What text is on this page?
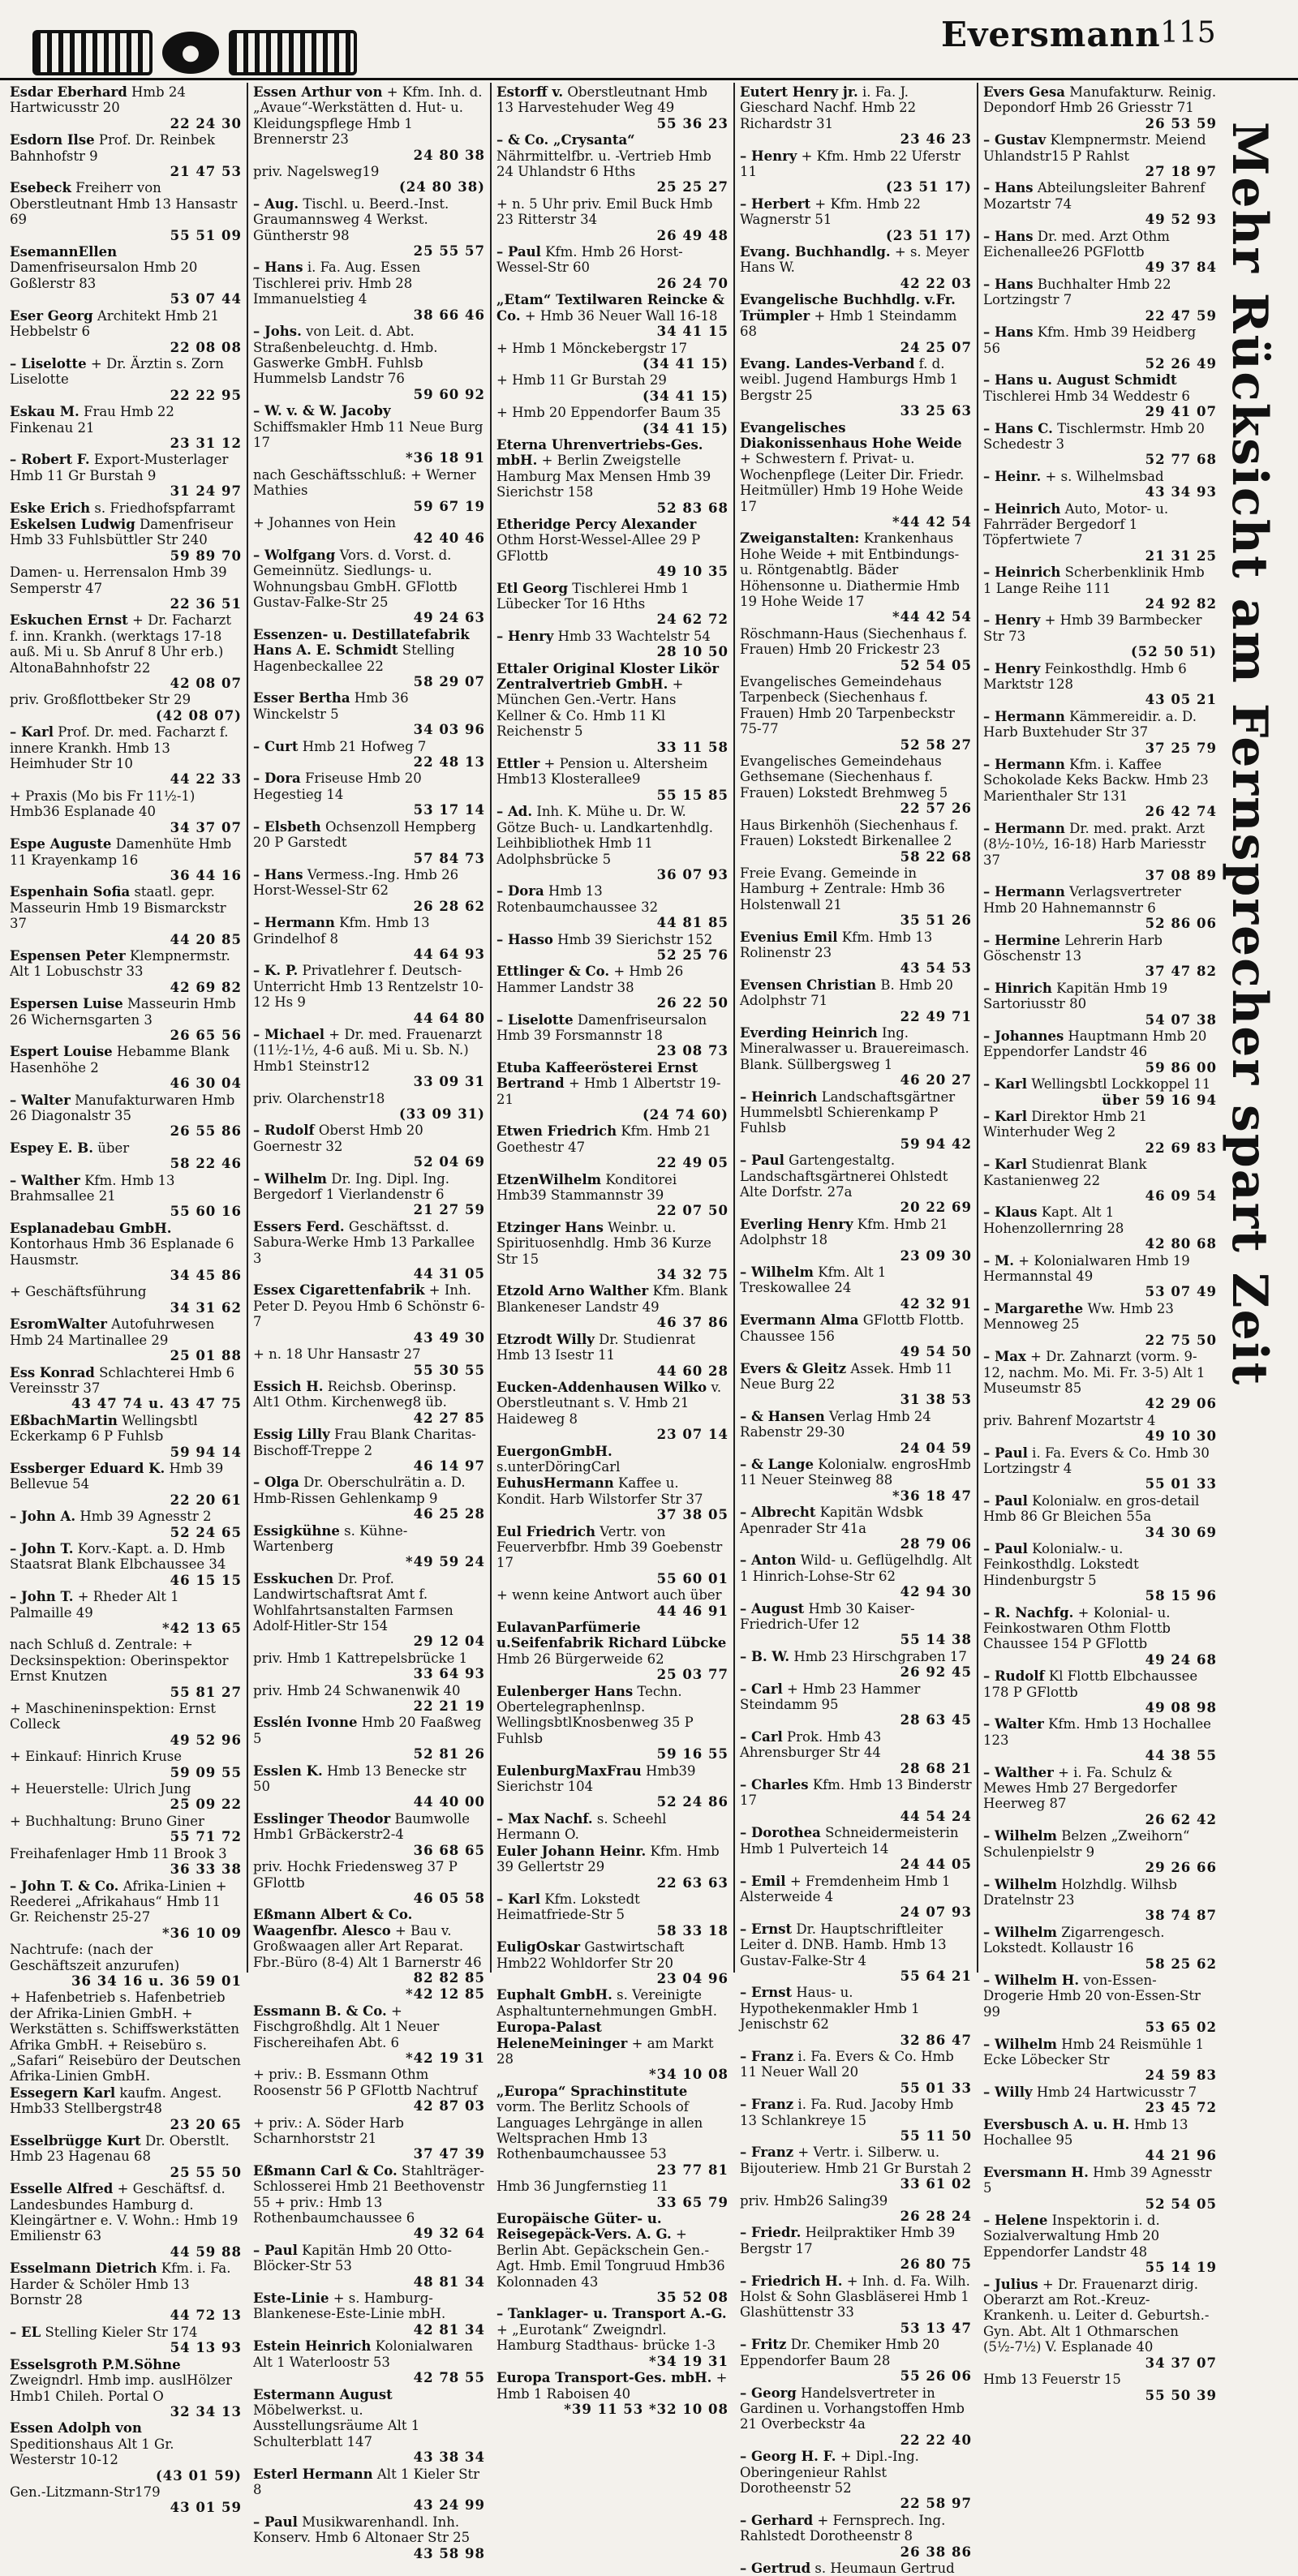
●	Eversmann 115
Esdar Eberhard Hmb 24 Hartwicusstr 20
22 24 30
Esdorn Ilse Prof. Dr. Reinbek Bahnhofstr 9
21 47 53
Esebeck Freiherr von Oberstleutnant Hmb 13 Hansastr 69
55 51 09
EsemannEllen Damenfriseursalon Hmb 20 Goßlerstr 83
53 07 44
Eser Georg Architekt Hmb 21 Hebbelstr 6
22 08 08
– Liselotte + Dr. Ärztin s. Zorn Liselotte
22 22 95
Eskau M. Frau Hmb 22 Finkenau 21
23 31 12
– Robert F. Export-Musterlager Hmb 11 Gr Burstah 9
31 24 97
Eske Erich s. Friedhofspfarramt
Eskelsen Ludwig Damenfriseur Hmb 33 Fuhlsbüttler Str 240
59 89 70
Damen- u. Herrensalon Hmb 39 Semperstr 47
22 36 51
Eskuchen Ernst + Dr. Facharzt f. inn. Krankh. (werktags 17-18 auß. Mi u. Sb Anruf 8 Uhr erb.) AltonaBahnhofstr 22
42 08 07
priv. Großflottbeker Str 29
(42 08 07)
– Karl Prof. Dr. med. Facharzt f. innere Krankh. Hmb 13 Heimhuder Str 10
44 22 33
+ Praxis (Mo bis Fr 11½-1) Hmb36 Esplanade 40
34 37 07
Espe Auguste Damenhüte Hmb 11 Krayenkamp 16
36 44 16
Espenhain Sofia staatl. gepr. Masseurin Hmb 19 Bismarckstr 37
44 20 85
Espensen Peter Klempnermstr. Alt 1 Lobuschstr 33
42 69 82
Espersen Luise Masseurin Hmb 26 Wichernsgarten 3
26 65 56
Espert Louise Hebamme Blank Hasenhöhe 2
46 30 04
– Walter Manufakturwaren Hmb 26 Diagonalstr 35
26 55 86
Espey E. B. über
58 22 46
– Walther Kfm. Hmb 13 Brahmsallee 21
55 60 16
Esplanadebau GmbH. Kontorhaus Hmb 36 Esplanade 6 Hausmstr.
34 45 86
+ Geschäftsführung
34 31 62
EsromWalter Autofuhrwesen Hmb 24 Martinallee 29
25 01 88
Ess Konrad Schlachterei Hmb 6 Vereinsstr 37
43 47 74 u. 43 47 75
EßbachMartin Wellingsbtl Eckerkamp 6 P Fuhlsb
59 94 14
Essberger Eduard K. Hmb 39 Bellevue 54
22 20 61
– John A. Hmb 39 Agnesstr 2
52 24 65
– John T. Korv.-Kapt. a. D. Hmb Staatsrat Blank Elbchaussee 34
46 15 15
– John T. + Rheder Alt 1 Palmaille 49
*42 13 65
nach Schluß d. Zentrale: + Decksinspektion: Oberinspektor Ernst Knutzen
55 81 27
+ Maschineninspektion: Ernst Colleck
49 52 96
+ Einkauf: Hinrich Kruse
59 09 55
+ Heuerstelle: Ulrich Jung
25 09 22
+ Buchhaltung: Bruno Giner
55 71 72
Freihafenlager Hmb 11 Brook 3
36 33 38
– John T. & Co. Afrika-Linien + Reederei „Afrikahaus“ Hmb 11 Gr. Reichenstr 25-27
*36 10 09
Nachtrufe: (nach der Geschäftszeit anzurufen)
36 34 16 u. 36 59 01
+ Hafenbetrieb s. Hafenbetrieb der Afrika-Linien GmbH. + Werkstätten s. Schiffswerkstätten Afrika GmbH. + Reisebüro s. „Safari“ Reisebüro der Deutschen Afrika-Linien GmbH.
Essegern Karl kaufm. Angest. Hmb33 Stellbergstr48
23 20 65
Esselbrügge Kurt Dr. Oberstlt. Hmb 23 Hagenau 68
25 55 50
Esselle Alfred + Geschäftsf. d. Landesbundes Hamburg d. Kleingärtner e. V. Wohn.: Hmb 19 Emilienstr 63
44 59 88
Esselmann Dietrich Kfm. i. Fa. Harder & Schöler Hmb 13 Bornstr 28
44 72 13
– EL Stelling Kieler Str 174
54 13 93
Esselsgroth P.M.Söhne Zweigndrl. Hmb imp. auslHölzer Hmb1 Chileh. Portal O
32 34 13
Essen Adolph von Speditionshaus Alt 1 Gr. Westerstr 10-12
(43 01 59)
Gen.-Litzmann-Str179
43 01 59
Essen Arthur von + Kfm. Inh. d. „Avaue“-Werkstätten d. Hut- u. Kleidungspflege Hmb 1 Brennerstr 23
24 80 38
priv. Nagelsweg19
(24 80 38)
– Aug. Tischl. u. Beerd.-Inst. Graumannsweg 4 Werkst. Güntherstr 98
25 55 57
– Hans i. Fa. Aug. Essen Tischlerei priv. Hmb 28 Immanuelstieg 4
38 66 46
– Johs. von Leit. d. Abt. Straßenbeleuchtg. d. Hmb. Gaswerke GmbH. Fuhlsb Hummelsb Landstr 76
59 60 92
– W. v. & W. Jacoby Schiffsmakler Hmb 11 Neue Burg 17
*36 18 91
nach Geschäftsschluß: + Werner Mathies
59 67 19
+ Johannes von Hein
42 40 46
– Wolfgang Vors. d. Vorst. d. Gemeinnütz. Siedlungs- u. Wohnungsbau GmbH. GFlottb Gustav-Falke-Str 25
49 24 63
Essenzen- u. Destillatefabrik Hans A. E. Schmidt Stelling Hagenbeckallee 22
58 29 07
Esser Bertha Hmb 36 Winckelstr 5
34 03 96
– Curt Hmb 21 Hofweg 7
22 48 13
– Dora Friseuse Hmb 20 Hegestieg 14
53 17 14
– Elsbeth Ochsenzoll Hempberg 20 P Garstedt
57 84 73
– Hans Vermess.-Ing. Hmb 26 Horst-Wessel-Str 62
26 28 62
– Hermann Kfm. Hmb 13 Grindelhof 8
44 64 93
– K. P. Privatlehrer f. Deutsch-Unterricht Hmb 13 Rentzelstr 10-12 Hs 9
44 64 80
– Michael + Dr. med. Frauenarzt (11½-1½, 4-6 auß. Mi u. Sb. N.) Hmb1 Steinstr12
33 09 31
priv. Olarchenstr18
(33 09 31)
– Rudolf Oberst Hmb 20 Goernestr 32
52 04 69
– Wilhelm Dr. Ing. Dipl. Ing. Bergedorf 1 Vierlandenstr 6
21 27 59
Essers Ferd. Geschäftsst. d. Sabura-Werke Hmb 13 Parkallee 3
44 31 05
Essex Cigarettenfabrik + Inh. Peter D. Peyou Hmb 6 Schönstr 6-7
43 49 30
+ n. 18 Uhr Hansastr 27
55 30 55
Essich H. Reichsb. Oberinsp. Alt1 Othm. Kirchenweg8 üb.
42 27 85
Essig Lilly Frau Blank Charitas-Bischoff-Treppe 2
46 14 97
– Olga Dr. Oberschulrätin a. D. Hmb-Rissen Gehlenkamp 9
46 25 28
Essigkühne s. Kühne-Wartenberg
*49 59 24
Esskuchen Dr. Prof. Landwirtschaftsrat Amt f. Wohlfahrtsanstalten Farmsen Adolf-Hitler-Str 154
29 12 04
priv. Hmb 1 Kattrepelsbrücke 1
33 64 93
priv. Hmb 24 Schwanenwik 40
22 21 19
Esslén Ivonne Hmb 20 Faaßweg 5
52 81 26
Esslen K. Hmb 13 Benecke str 50
44 40 00
Esslinger Theodor Baumwolle Hmb1 GrBäckerstr2-4
36 68 65
priv. Hochk Friedensweg 37 P GFlottb
46 05 58
Eßmann Albert & Co. Waagenfbr. Alesco + Bau v. Großwaagen aller Art Reparat. Fbr.-Büro (8-4) Alt 1 Barnerstr 46
82 82 85
*42 12 85
Essmann B. & Co. + Fischgroßhdlg. Alt 1 Neuer Fischereihafen Abt. 6
*42 19 31
+ priv.: B. Essmann Othm Roosenstr 56 P GFlottb Nachtruf
42 87 03
+ priv.: A. Söder Harb Scharnhorststr 21
37 47 39
Eßmann Carl & Co. Stahlträger-Schlosserei Hmb 21 Beethovenstr 55 + priv.: Hmb 13 Rothenbaumchaussee 6
49 32 64
– Paul Kapitän Hmb 20 Otto-Blöcker-Str 53
48 81 34
Este-Linie + s. Hamburg-Blankenese-Este-Linie mbH.
42 81 34
Estein Heinrich Kolonialwaren Alt 1 Waterloostr 53
42 78 55
Estermann August Möbelwerkst. u. Ausstellungsräume Alt 1 Schulterblatt 147
43 38 34
Esterl Hermann Alt 1 Kieler Str 8
43 24 99
– Paul Musikwarenhandl. Inh. Konserv. Hmb 6 Altonaer Str 25
43 58 98
Estorff v. Oberstleutnant Hmb 13 Harvestehuder Weg 49
55 36 23
– & Co. „Crysanta“ Nährmittelfbr. u. -Vertrieb Hmb 24 Uhlandstr 6 Hths
25 25 27
+ n. 5 Uhr priv. Emil Buck Hmb 23 Ritterstr 34
26 49 48
– Paul Kfm. Hmb 26 Horst-Wessel-Str 60
26 24 70
„Etam“ Textilwaren Reincke & Co. + Hmb 36 Neuer Wall 16-18
34 41 15
+ Hmb 1 Mönckebergstr 17
(34 41 15)
+ Hmb 11 Gr Burstah 29
(34 41 15)
+ Hmb 20 Eppendorfer Baum 35
(34 41 15)
Eterna Uhrenvertriebs-Ges. mbH. + Berlin Zweigstelle Hamburg Max Mensen Hmb 39 Sierichstr 158
52 83 68
Etheridge Percy Alexander Othm Horst-Wessel-Allee 29 P GFlottb
49 10 35
Etl Georg Tischlerei Hmb 1 Lübecker Tor 16 Hths
24 62 72
– Henry Hmb 33 Wachtelstr 54
28 10 50
Ettaler Original Kloster Likör Zentralvertrieb GmbH. + München Gen.-Vertr. Hans Kellner & Co. Hmb 11 Kl Reichenstr 5
33 11 58
Ettler + Pension u. Altersheim Hmb13 Klosterallee9
55 15 85
– Ad. Inh. K. Mühe u. Dr. W. Götze Buch- u. Landkartenhdlg. Leihbibliothek Hmb 11 Adolphsbrücke 5
36 07 93
– Dora Hmb 13 Rotenbaumchaussee 32
44 81 85
– Hasso Hmb 39 Sierichstr 152
52 25 76
Ettlinger & Co. + Hmb 26 Hammer Landstr 38
26 22 50
– Liselotte Damenfriseursalon Hmb 39 Forsmannstr 18
23 08 73
Etuba Kaffeerösterei Ernst Bertrand + Hmb 1 Albertstr 19-21
(24 74 60)
Etwen Friedrich Kfm. Hmb 21 Goethestr 47
22 49 05
EtzenWilhelm Konditorei Hmb39 Stammannstr 39
22 07 50
Etzinger Hans Weinbr. u. Spirituosenhdlg. Hmb 36 Kurze Str 15
34 32 75
Etzold Arno Walther Kfm. Blank Blankeneser Landstr 49
46 37 86
Etzrodt Willy Dr. Studienrat Hmb 13 Isestr 11
44 60 28
Eucken-Addenhausen Wilko v. Oberstleutnant s. V. Hmb 21 Haideweg 8
23 07 14
EuergonGmbH. s.unterDöringCarl
EuhusHermann Kaffee u. Kondit. Harb Wilstorfer Str 37
37 38 05
Eul Friedrich Vertr. von Feuerverbfbr. Hmb 39 Goebenstr 17
55 60 01
+ wenn keine Antwort auch über
44 46 91
EulavanParfümerie u.Seifenfabrik Richard Lübcke Hmb 26 Bürgerweide 62
25 03 77
Eulenberger Hans Techn. Obertelegraphenlnsp. WellingsbtlKnosbenweg 35 P Fuhlsb
59 16 55
EulenburgMaxFrau Hmb39 Sierichstr 104
52 24 86
– Max Nachf. s. Scheehl Hermann O.
Euler Johann Heinr. Kfm. Hmb 39 Gellertstr 29
22 63 63
– Karl Kfm. Lokstedt Heimatfriede-Str 5
58 33 18
EuligOskar Gastwirtschaft Hmb22 Wohldorfer Str 20
23 04 96
Euphalt GmbH. s. Vereinigte Asphaltunternehmungen GmbH.
Europa-Palast HeleneMeininger + am Markt 28
*34 10 08
„Europa“ Sprachinstitute vorm. The Berlitz Schools of Languages Lehrgänge in allen Weltsprachen Hmb 13 Rothenbaumchaussee 53
23 77 81
Hmb 36 Jungfernstieg 11
33 65 79
Europäische Güter- u. Reisegepäck-Vers. A. G. + Berlin Abt. Gepäckschein Gen.-Agt. Hmb. Emil Tongruud Hmb36 Kolonnaden 43
35 52 08
– Tanklager- u. Transport A.-G. + „Eurotank“ Zweigndrl. Hamburg Stadthaus- brücke 1-3
*34 19 31
Europa Transport-Ges. mbH. + Hmb 1 Raboisen 40
*39 11 53 *32 10 08
Eutert Henry jr. i. Fa. J. Gieschard Nachf. Hmb 22 Richardstr 31
23 46 23
– Henry + Kfm. Hmb 22 Uferstr 11
(23 51 17)
– Herbert + Kfm. Hmb 22 Wagnerstr 51
(23 51 17)
Evang. Buchhandlg. + s. Meyer Hans W.
42 22 03
Evangelische Buchhdlg. v.Fr. Trümpler + Hmb 1 Steindamm 68
24 25 07
Evang. Landes-Verband f. d. weibl. Jugend Hamburgs Hmb 1 Bergstr 25
33 25 63
Evangelisches Diakonissenhaus Hohe Weide + Schwestern f. Privat- u. Wochenpflege (Leiter Dir. Friedr. Heitmüller) Hmb 19 Hohe Weide 17
*44 42 54
Zweiganstalten: Krankenhaus Hohe Weide + mit Entbindungs- u. Röntgenabtlg. Bäder Höhensonne u. Diathermie Hmb 19 Hohe Weide 17
*44 42 54
Röschmann-Haus (Siechenhaus f. Frauen) Hmb 20 Frickestr 23
52 54 05
Evangelisches Gemeindehaus Tarpenbeck (Siechenhaus f. Frauen) Hmb 20 Tarpenbeckstr 75-77
52 58 27
Evangelisches Gemeindehaus Gethsemane (Siechenhaus f. Frauen) Lokstedt Brehmweg 5
22 57 26
Haus Birkenhöh (Siechenhaus f. Frauen) Lokstedt Birkenallee 2
58 22 68
Freie Evang. Gemeinde in Hamburg + Zentrale: Hmb 36 Holstenwall 21
35 51 26
Evenius Emil Kfm. Hmb 13 Rolinenstr 23
43 54 53
Evensen Christian B. Hmb 20 Adolphstr 71
22 49 71
Everding Heinrich Ing. Mineralwasser u. Brauereimasch. Blank. Süllbergsweg 1
46 20 27
– Heinrich Landschaftsgärtner Hummelsbtl Schierenkamp P Fuhlsb
59 94 42
– Paul Gartengestaltg. Landschaftsgärtnerei Ohlstedt Alte Dorfstr. 27a
20 22 69
Everling Henry Kfm. Hmb 21 Adolphstr 18
23 09 30
– Wilhelm Kfm. Alt 1 Treskowallee 24
42 32 91
Evermann Alma GFlottb Flottb. Chaussee 156
49 54 50
Evers & Gleitz Assek. Hmb 11 Neue Burg 22
31 38 53
– & Hansen Verlag Hmb 24 Rabenstr 29-30
24 04 59
– & Lange Kolonialw. engrosHmb 11 Neuer Steinweg 88
*36 18 47
– Albrecht Kapitän Wdsbk Apenrader Str 41a
28 79 06
– Anton Wild- u. Geflügelhdlg. Alt 1 Hinrich-Lohse-Str 62
42 94 30
– August Hmb 30 Kaiser-Friedrich-Ufer 12
55 14 38
– B. W. Hmb 23 Hirschgraben 17
26 92 45
– Carl + Hmb 23 Hammer Steindamm 95
28 63 45
– Carl Prok. Hmb 43 Ahrensburger Str 44
28 68 21
– Charles Kfm. Hmb 13 Binderstr 17
44 54 24
– Dorothea Schneidermeisterin Hmb 1 Pulverteich 14
24 44 05
– Emil + Fremdenheim Hmb 1 Alsterweide 4
24 07 93
– Ernst Dr. Hauptschriftleiter Leiter d. DNB. Hamb. Hmb 13 Gustav-Falke-Str 4
55 64 21
– Ernst Haus- u. Hypothekenmakler Hmb 1 Jenischstr 62
32 86 47
– Franz i. Fa. Evers & Co. Hmb 11 Neuer Wall 20
55 01 33
– Franz i. Fa. Rud. Jacoby Hmb 13 Schlankreye 15
55 11 50
– Franz + Vertr. i. Silberw. u. Bijouteriew. Hmb 21 Gr Burstah 2
33 61 02
priv. Hmb26 Saling39
26 28 24
– Friedr. Heilpraktiker Hmb 39 Bergstr 17
26 80 75
– Friedrich H. + Inh. d. Fa. Wilh. Holst & Sohn Glasbläserei Hmb 1 Glashüttenstr 33
53 13 47
– Fritz Dr. Chemiker Hmb 20 Eppendorfer Baum 28
55 26 06
– Georg Handelsvertreter in Gardinen u. Vorhangstoffen Hmb 21 Overbeckstr 4a
22 22 40
– Georg H. F. + Dipl.-Ing. Oberingenieur Rahlst Dorotheenstr 52
22 58 97
– Gerhard + Fernsprech. Ing. Rahlstedt Dorotheenstr 8
26 38 86
– Gertrud s. Heumaun Gertrud
Evers Gesa Manufakturw. Reinig. Depondorf Hmb 26 Griesstr 71
26 53 59
– Gustav Klempnermstr. Meiend Uhlandstr15 P Rahlst
27 18 97
– Hans Abteilungsleiter Bahrenf Mozartstr 74
49 52 93
– Hans Dr. med. Arzt Othm Eichenallee26 PGFlottb
49 37 84
– Hans Buchhalter Hmb 22 Lortzingstr 7
22 47 59
– Hans Kfm. Hmb 39 Heidberg 56
52 26 49
– Hans u. August Schmidt Tischlerei Hmb 34 Weddestr 6
29 41 07
– Hans C. Tischlermstr. Hmb 20 Schedestr 3
52 77 68
– Heinr. + s. Wilhelmsbad
43 34 93
– Heinrich Auto, Motor- u. Fahrräder Bergedorf 1 Töpfertwiete 7
21 31 25
– Heinrich Scherbenklinik Hmb 1 Lange Reihe 111
24 92 82
– Henry + Hmb 39 Barmbecker Str 73
(52 50 51)
– Henry Feinkosthdlg. Hmb 6 Marktstr 128
43 05 21
– Hermann Kämmereidir. a. D. Harb Buxtehuder Str 37
37 25 79
– Hermann Kfm. i. Kaffee Schokolade Keks Backw. Hmb 23 Marienthaler Str 131
26 42 74
– Hermann Dr. med. prakt. Arzt (8½-10½, 16-18) Harb Mariesstr 37
37 08 89
– Hermann Verlagsvertreter Hmb 20 Hahnemannstr 6
52 86 06
– Hermine Lehrerin Harb Göschenstr 13
37 47 82
– Hinrich Kapitän Hmb 19 Sartoriusstr 80
54 07 38
– Johannes Hauptmann Hmb 20 Eppendorfer Landstr 46
59 86 00
– Karl Wellingsbtl Lockkoppel 11
über 59 16 94
– Karl Direktor Hmb 21 Winterhuder Weg 2
22 69 83
– Karl Studienrat Blank Kastanienweg 22
46 09 54
– Klaus Kapt. Alt 1 Hohenzollernring 28
42 80 68
– M. + Kolonialwaren Hmb 19 Hermannstal 49
53 07 49
– Margarethe Ww. Hmb 23 Mennoweg 25
22 75 50
– Max + Dr. Zahnarzt (vorm. 9-12, nachm. Mo. Mi. Fr. 3-5) Alt 1 Museumstr 85
42 29 06
priv. Bahrenf Mozartstr 4
49 10 30
– Paul i. Fa. Evers & Co. Hmb 30 Lortzingstr 4
55 01 33
– Paul Kolonialw. en gros-detail Hmb 86 Gr Bleichen 55a
34 30 69
– Paul Kolonialw.- u. Feinkosthdlg. Lokstedt Hindenburgstr 5
58 15 96
– R. Nachfg. + Kolonial- u. Feinkostwaren Othm Flottb Chaussee 154 P GFlottb
49 24 68
– Rudolf Kl Flottb Elbchaussee 178 P GFlottb
49 08 98
– Walter Kfm. Hmb 13 Hochallee 123
44 38 55
– Walther + i. Fa. Schulz & Mewes Hmb 27 Bergedorfer Heerweg 87
26 62 42
– Wilhelm Belzen „Zweihorn“ Schulenpielstr 9
29 26 66
– Wilhelm Holzhdlg. Wilhsb Dratelnstr 23
38 74 87
– Wilhelm Zigarrengesch. Lokstedt. Kollaustr 16
58 25 62
– Wilhelm H. von-Essen-Drogerie Hmb 20 von-Essen-Str 99
53 65 02
– Wilhelm Hmb 24 Reismühle 1 Ecke Löbecker Str
24 59 83
– Willy Hmb 24 Hartwicusstr 7
23 45 72
Eversbusch A. u. H. Hmb 13 Hochallee 95
44 21 96
Eversmann H. Hmb 39 Agnesstr 5
52 54 05
– Helene Inspektorin i. d. Sozialverwaltung Hmb 20 Eppendorfer Landstr 48
55 14 19
– Julius + Dr. Frauenarzt dirig. Oberarzt am Rot.-Kreuz-Krankenh. u. Leiter d. Geburtsh.-Gyn. Abt. Alt 1 Othmarschen (5½-7½) V. Esplanade 40
34 37 07
Hmb 13 Feuerstr 15
55 50 39
Mehr Rücksicht am Fernsprecher spart Zeit
